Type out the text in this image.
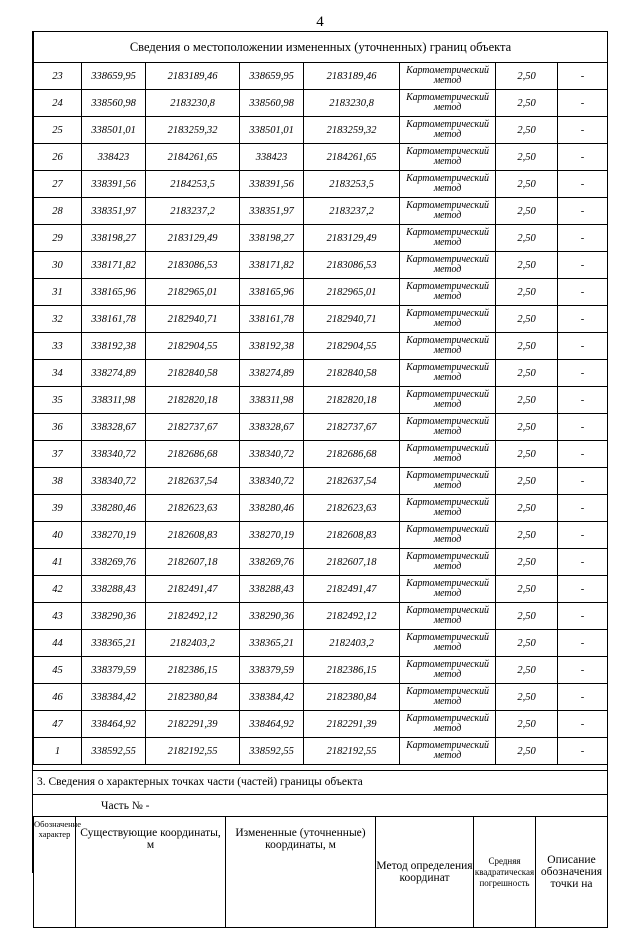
4
Сведения о местоположении измененных (уточненных) границ объекта							
23	338659,95	2183189,46	338659,95	2183189,46	Картометрический метод	2,50	-
24	338560,98	2183230,8	338560,98	2183230,8	Картометрический метод	2,50	-
25	338501,01	2183259,32	338501,01	2183259,32	Картометрический метод	2,50	-
26	338423	2184261,65	338423	2184261,65	Картометрический метод	2,50	-
27	338391,56	2184253,5	338391,56	2183253,5	Картометрический метод	2,50	-
28	338351,97	2183237,2	338351,97	2183237,2	Картометрический метод	2,50	-
29	338198,27	2183129,49	338198,27	2183129,49	Картометрический метод	2,50	-
30	338171,82	2183086,53	338171,82	2183086,53	Картометрический метод	2,50	-
31	338165,96	2182965,01	338165,96	2182965,01	Картометрический метод	2,50	-
32	338161,78	2182940,71	338161,78	2182940,71	Картометрический метод	2,50	-
33	338192,38	2182904,55	338192,38	2182904,55	Картометрический метод	2,50	-
34	338274,89	2182840,58	338274,89	2182840,58	Картометрический метод	2,50	-
35	338311,98	2182820,18	338311,98	2182820,18	Картометрический метод	2,50	-
36	338328,67	2182737,67	338328,67	2182737,67	Картометрический метод	2,50	-
37	338340,72	2182686,68	338340,72	2182686,68	Картометрический метод	2,50	-
38	338340,72	2182637,54	338340,72	2182637,54	Картометрический метод	2,50	-
39	338280,46	2182623,63	338280,46	2182623,63	Картометрический метод	2,50	-
40	338270,19	2182608,83	338270,19	2182608,83	Картометрический метод	2,50	-
41	338269,76	2182607,18	338269,76	2182607,18	Картометрический метод	2,50	-
42	338288,43	2182491,47	338288,43	2182491,47	Картометрический метод	2,50	-
43	338290,36	2182492,12	338290,36	2182492,12	Картометрический метод	2,50	-
44	338365,21	2182403,2	338365,21	2182403,2	Картометрический метод	2,50	-
45	338379,59	2182386,15	338379,59	2182386,15	Картометрический метод	2,50	-
46	338384,42	2182380,84	338384,42	2182380,84	Картометрический метод	2,50	-
47	338464,92	2182291,39	338464,92	2182291,39	Картометрический метод	2,50	-
1	338592,55	2182192,55	338592,55	2182192,55	Картометрический метод	2,50	-
3. Сведения о характерных точках части (частей) границы объекта
Часть № -
Обозначение характер	Существующие координаты, м	Измененные (уточненные) координаты, м	Метод определения координат	Средняя квадратическая погрешность	Описание обозначения точки на
